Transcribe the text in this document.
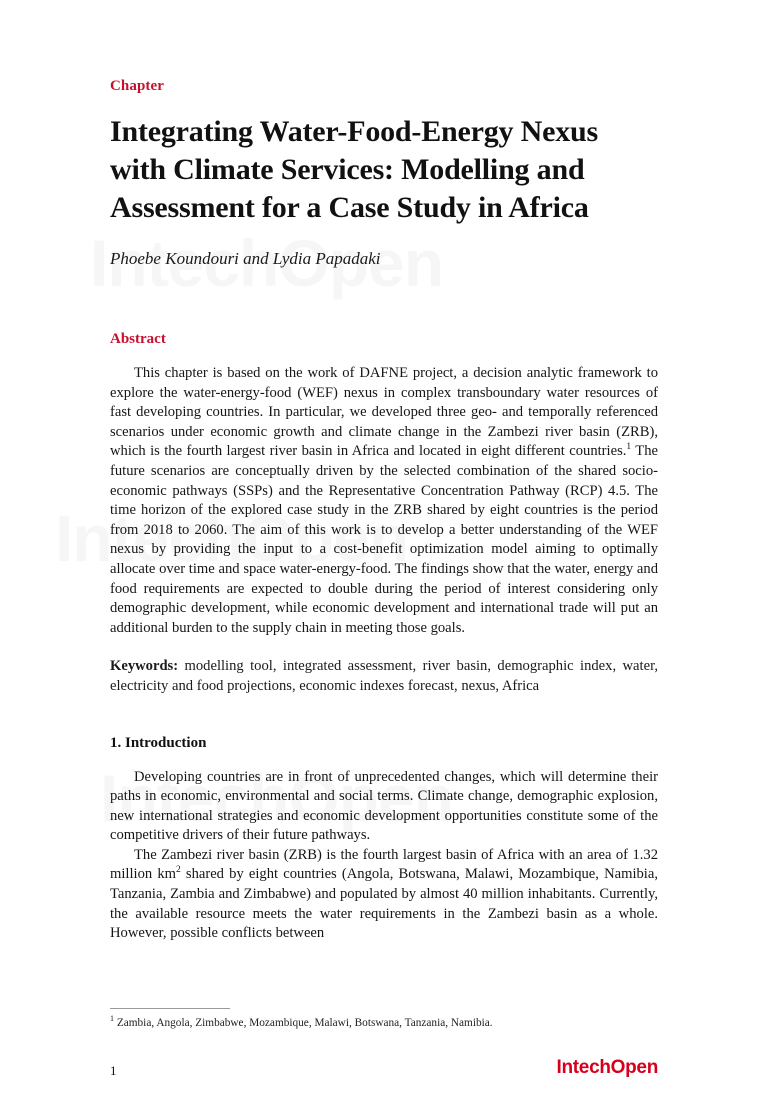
Chapter
Integrating Water-Food-Energy Nexus with Climate Services: Modelling and Assessment for a Case Study in Africa
Phoebe Koundouri and Lydia Papadaki
Abstract

This chapter is based on the work of DAFNE project, a decision analytic framework to explore the water-energy-food (WEF) nexus in complex transboundary water resources of fast developing countries. In particular, we developed three geo- and temporally referenced scenarios under economic growth and climate change in the Zambezi river basin (ZRB), which is the fourth largest river basin in Africa and located in eight different countries.$^1$ The future scenarios are conceptually driven by the selected combination of the shared socio-economic pathways (SSPs) and the Representative Concentration Pathway (RCP) 4.5. The time horizon of the explored case study in the ZRB shared by eight countries is the period from 2018 to 2060. The aim of this work is to develop a better understanding of the WEF nexus by providing the input to a cost-benefit optimization model aiming to optimally allocate over time and space water-energy-food. The findings show that the water, energy and food requirements are expected to double during the period of interest considering only demographic development, while economic development and international trade will put an additional burden to the supply chain in meeting those goals.

Keywords: modelling tool, integrated assessment, river basin, demographic index, water, electricity and food projections, economic indexes forecast, nexus, Africa

1. Introduction

Developing countries are in front of unprecedented changes, which will determine their paths in economic, environmental and social terms. Climate change, demographic explosion, new international strategies and economic development opportunities constitute some of the competitive drivers of their future pathways.

The Zambezi river basin (ZRB) is the fourth largest basin of Africa with an area of 1.32 million $km^2$ shared by eight countries (Angola, Botswana, Malawi, Mozambique, Namibia, Tanzania, Zambia and Zimbabwe) and populated by almost 40 million inhabitants. Currently, the available resource meets the water requirements in the Zambezi basin as a whole. However, possible conflicts between

$^1$ Zambia, Angola, Zimbabwe, Mozambique, Malawi, Botswana, Tanzania, Namibia.
1	IntechOpen
